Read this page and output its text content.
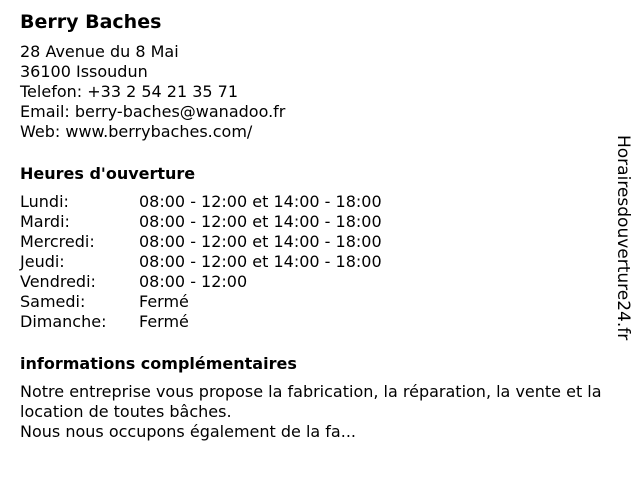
Berry Baches
28 Avenue du 8 Mai
36100 Issoudun
Telefon: +33 2 54 21 35 71
Email: berry-baches@wanadoo.fr
Web: www.berrybaches.com/
Heures d'ouverture
Lundi:	08:00 - 12:00 et 14:00 - 18:00
Mardi:	08:00 - 12:00 et 14:00 - 18:00
Mercredi:	08:00 - 12:00 et 14:00 - 18:00
Jeudi:	08:00 - 12:00 et 14:00 - 18:00
Vendredi:	08:00 - 12:00
Samedi:	Fermé
Dimanche:	Fermé
informations complémentaires
Notre entreprise vous propose la fabrication, la réparation, la vente et la location de toutes bâches.
Nous nous occupons également de la fa...
Horairesdouverture24.fr
